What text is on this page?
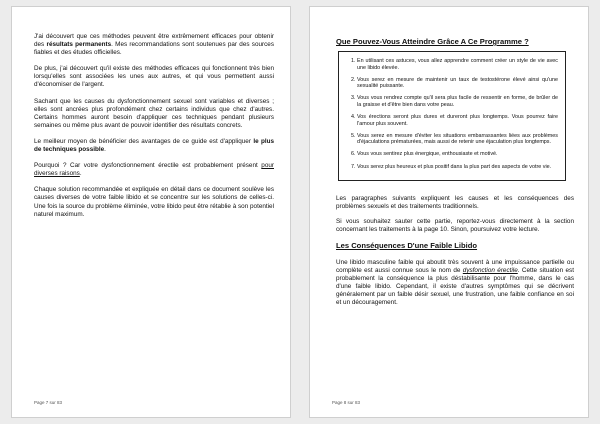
J'ai découvert que ces méthodes peuvent être extrêmement efficaces pour obtenir des résultats permanents. Mes recommandations sont soutenues par des sources fiables et des études officielles.

De plus, j'ai découvert qu'il existe des méthodes efficaces qui fonctionnent très bien lorsqu'elles sont associées les unes aux autres, et qui vous permettent aussi d'économiser de l'argent.

Sachant que les causes du dysfonctionnement sexuel sont variables et diverses ; elles sont ancrées plus profondément chez certains individus que chez d'autres. Certains hommes auront besoin d'appliquer ces techniques pendant plusieurs semaines ou même plus avant de pouvoir identifier des résultats concrets.

Le meilleur moyen de bénéficier des avantages de ce guide est d'appliquer le plus de techniques possible.

Pourquoi ? Car votre dysfonctionnement érectile est probablement présent pour diverses raisons.

Chaque solution recommandée et expliquée en détail dans ce document soulève les causes diverses de votre faible libido et se concentre sur les solutions de celles-ci. Une fois la source du problème éliminée, votre libido peut être rétablie à son potentiel naturel maximum.

Page 7 sur 83
Que Pouvez-Vous Atteindre Grâce A Ce Programme ?
1. En utilisant ces astuces, vous allez apprendre comment créer un style de vie avec une libido élevée.
2. Vous serez en mesure de maintenir un taux de testostérone élevé ainsi qu'une sexualité puissante.
3. Vous vous rendrez compte qu'il sera plus facile de ressentir en forme, de brûler de la graisse et d'être bien dans votre peau.
4. Vos érections seront plus dures et dureront plus longtemps. Vous pourrez faire l'amour plus souvent.
5. Vous serez en mesure d'éviter les situations embarrassantes liées aux problèmes d'éjaculations prématurées, mais aussi de retenir une éjaculation plus longtemps.
6. Vous vous sentirez plus énergique, enthousiaste et motivé.
7. Vous serez plus heureux et plus positif dans la plus part des aspects de votre vie.

Les paragraphes suivants expliquent les causes et les conséquences des problèmes sexuels et des traitements traditionnels.

Si vous souhaitez sauter cette partie, reportez-vous directement à la section concernant les traitements à la page 10. Sinon, poursuivez votre lecture.

Les Conséquences D'une Faible Libido

Une libido masculine faible qui aboutit très souvent à une impuissance partielle ou complète est aussi connue sous le nom de dysfonction érectile. Cette situation est probablement la conséquence la plus déstabilisante pour l'homme, dans le cas d'une faible libido. Cependant, il existe d'autres symptômes qui se décrivent généralement par un faible désir sexuel, une frustration, une faible confiance en soi et un découragement.

Page 8 sur 83
